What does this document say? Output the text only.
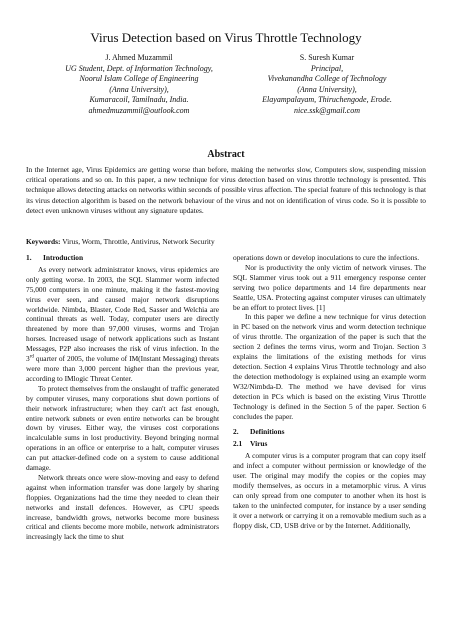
Virus Detection based on Virus Throttle Technology
J. Ahmed Muzammil
UG Student, Dept. of Information Technology,
Noorul Islam College of Engineering
(Anna University),
Kumaracoil, Tamilnadu, India.
ahmedmuzammil@outlook.com
S. Suresh Kumar
Principal,
Vivekanandha College of Technology
(Anna University),
Elayampalayam, Thiruchengode, Erode.
nice.ssk@gmail.com
Abstract
In the Internet age, Virus Epidemics are getting worse than before, making the networks slow, Computers slow, suspending mission critical operations and so on. In this paper, a new technique for virus detection based on virus throttle technology is presented. This technique allows detecting attacks on networks within seconds of possible virus affection. The special feature of this technology is that its virus detection algorithm is based on the network behaviour of the virus and not on identification of virus code. So it is possible to detect even unknown viruses without any signature updates.
Keywords: Virus, Worm, Throttle, Antivirus, Network Security
1. Introduction

As every network administrator knows, virus epidemics are only getting worse. In 2003, the SQL Slammer worm infected 75,000 computers in one minute, making it the fastest-moving virus ever seen, and caused major network disruptions worldwide. Nimbda, Blaster, Code Red, Sasser and Welchia are continual threats as well. Today, computer users are directly threatened by more than 97,000 viruses, worms and Trojan horses. Increased usage of network applications such as Instant Messages, P2P also increases the risk of virus infection. In the 3rd quarter of 2005, the volume of IM(Instant Messaging) threats were more than 3,000 percent higher than the previous year, according to IMlogic Threat Center.

To protect themselves from the onslaught of traffic generated by computer viruses, many corporations shut down portions of their network infrastructure; when they can't act fast enough, entire network subnets or even entire networks can be brought down by viruses. Either way, the viruses cost corporations incalculable sums in lost productivity. Beyond bringing normal operations in an office or enterprise to a halt, computer viruses can put attacker-defined code on a system to cause additional damage.

Network threats once were slow-moving and easy to defend against when information transfer was done largely by sharing floppies. Organizations had the time they needed to clean their networks and install defences. However, as CPU speeds increase, bandwidth grows, networks become more business critical and clients become more mobile, network administrators increasingly lack the time to shut

operations down or develop inoculations to cure the infections.

Nor is productivity the only victim of network viruses. The SQL Slammer virus took out a 911 emergency response center serving two police departments and 14 fire departments near Seattle, USA. Protecting against computer viruses can ultimately be an effort to protect lives. [1]

In this paper we define a new technique for virus detection in PC based on the network virus and worm detection technique of virus throttle. The organization of the paper is such that the section 2 defines the terms virus, worm and Trojan. Section 3 explains the limitations of the existing methods for virus detection. Section 4 explains Virus Throttle technology and also the detection methodology is explained using an example worm W32/Nimbda-D. The method we have devised for virus detection in PCs which is based on the existing Virus Throttle Technology is defined in the Section 5 of the paper. Section 6 concludes the paper.

2. Definitions
2.1 Virus

A computer virus is a computer program that can copy itself and infect a computer without permission or knowledge of the user. The original may modify the copies or the copies may modify themselves, as occurs in a metamorphic virus. A virus can only spread from one computer to another when its host is taken to the uninfected computer, for instance by a user sending it over a network or carrying it on a removable medium such as a floppy disk, CD, USB drive or by the Internet. Additionally,
